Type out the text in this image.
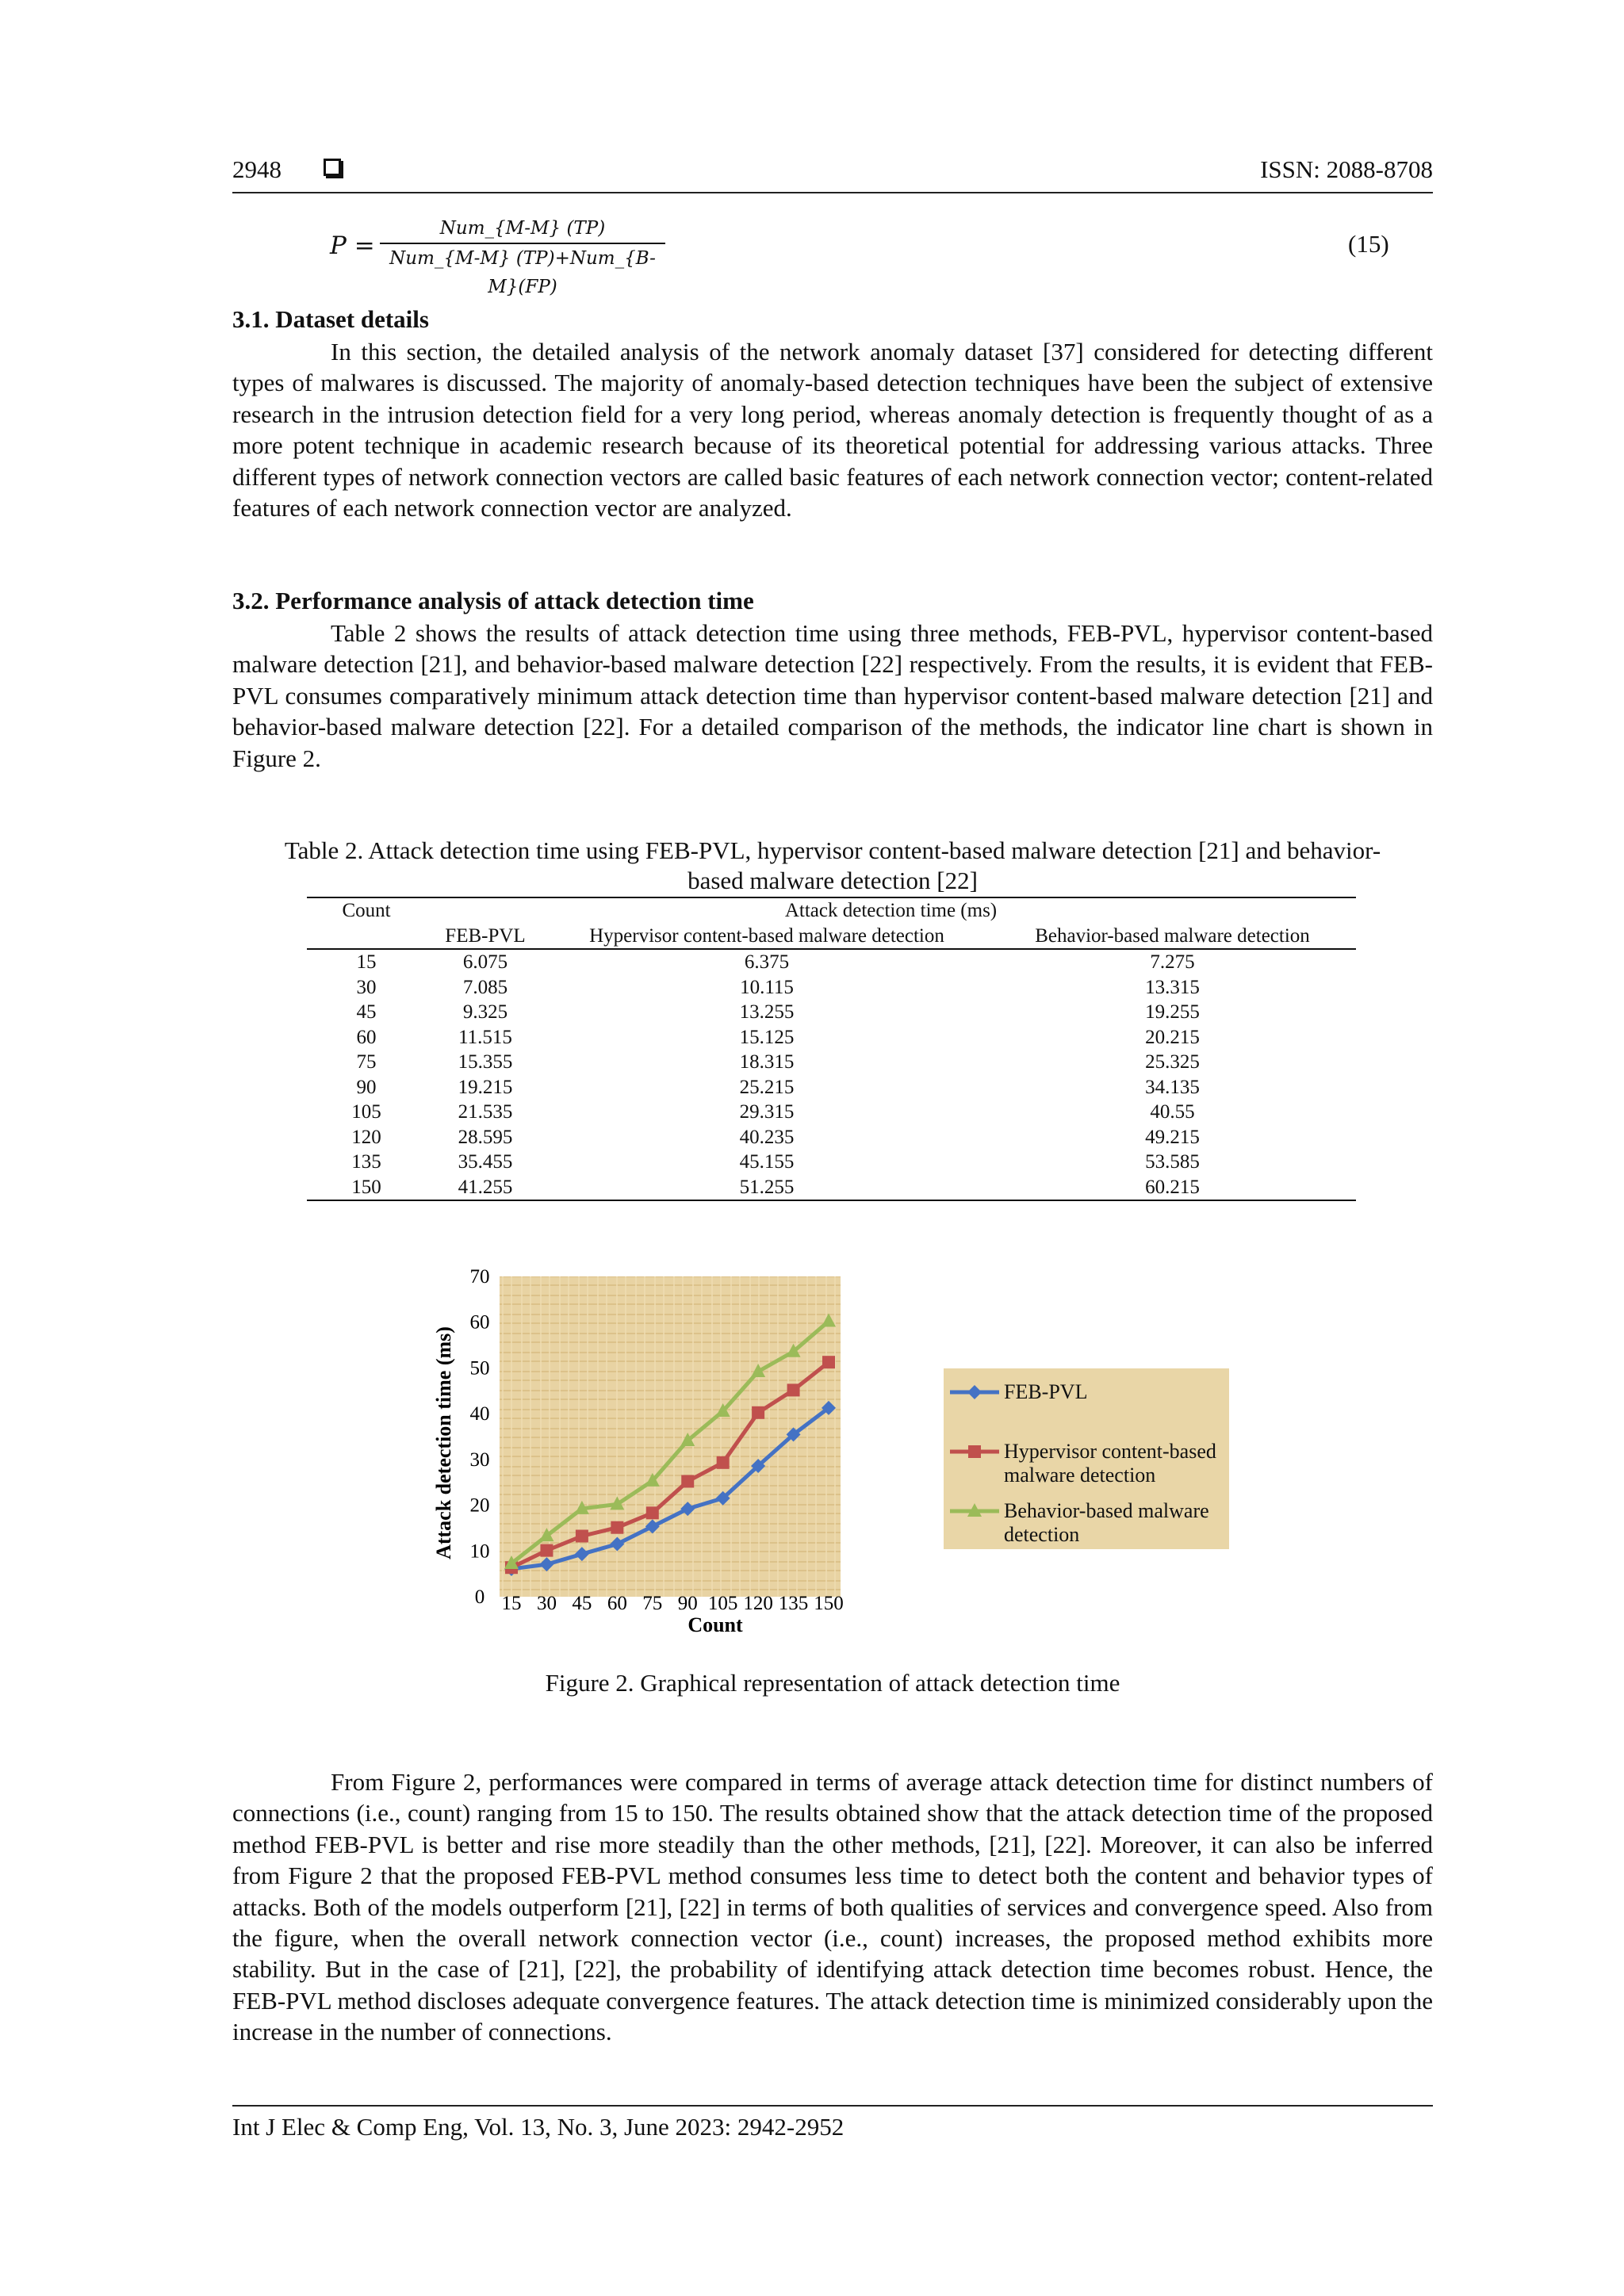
2948	ISSN: 2088-8708
P =
Num_{M-M} (TP)
Num_{M-M} (TP)+Num_{B-M}(FP)
(15)
3.1. Dataset details
In this section, the detailed analysis of the network anomaly dataset [37] considered for detecting different types of malwares is discussed. The majority of anomaly-based detection techniques have been the subject of extensive research in the intrusion detection field for a very long period, whereas anomaly detection is frequently thought of as a more potent technique in academic research because of its theoretical potential for addressing various attacks. Three different types of network connection vectors are called basic features of each network connection vector; content-related features of each network connection vector are analyzed.
3.2. Performance analysis of attack detection time
Table 2 shows the results of attack detection time using three methods, FEB-PVL, hypervisor content-based malware detection [21], and behavior-based malware detection [22] respectively. From the results, it is evident that FEB-PVL consumes comparatively minimum attack detection time than hypervisor content-based malware detection [21] and behavior-based malware detection [22]. For a detailed comparison of the methods, the indicator line chart is shown in Figure 2.
Table 2. Attack detection time using FEB-PVL, hypervisor content-based malware detection [21] and behavior-based malware detection [22]
Count	Attack detection time (ms)		
	FEB-PVL	Hypervisor content-based malware detection	Behavior-based malware detection
15	6.075	6.375	7.275
30	7.085	10.115	13.315
45	9.325	13.255	19.255
60	11.515	15.125	20.215
75	15.355	18.315	25.325
90	19.215	25.215	34.135
105	21.535	29.315	40.55
120	28.595	40.235	49.215
135	35.455	45.155	53.585
150	41.255	51.255	60.215
0
10
20
30
40
50
60
70
15 30 45 60 75 90 105 120 135 150
Attack detection time (ms)
Count
FEB-PVL
Hypervisor content-based
malware detection
Behavior-based malware
detection
Figure 2. Graphical representation of attack detection time
From Figure 2, performances were compared in terms of average attack detection time for distinct numbers of connections (i.e., count) ranging from 15 to 150. The results obtained show that the attack detection time of the proposed method FEB-PVL is better and rise more steadily than the other methods, [21], [22]. Moreover, it can also be inferred from Figure 2 that the proposed FEB-PVL method consumes less time to detect both the content and behavior types of attacks. Both of the models outperform [21], [22] in terms of both qualities of services and convergence speed. Also from the figure, when the overall network connection vector (i.e., count) increases, the proposed method exhibits more stability. But in the case of [21], [22], the probability of identifying attack detection time becomes robust. Hence, the FEB-PVL method discloses adequate convergence features. The attack detection time is minimized considerably upon the increase in the number of connections.
Int J Elec & Comp Eng, Vol. 13, No. 3, June 2023: 2942-2952
